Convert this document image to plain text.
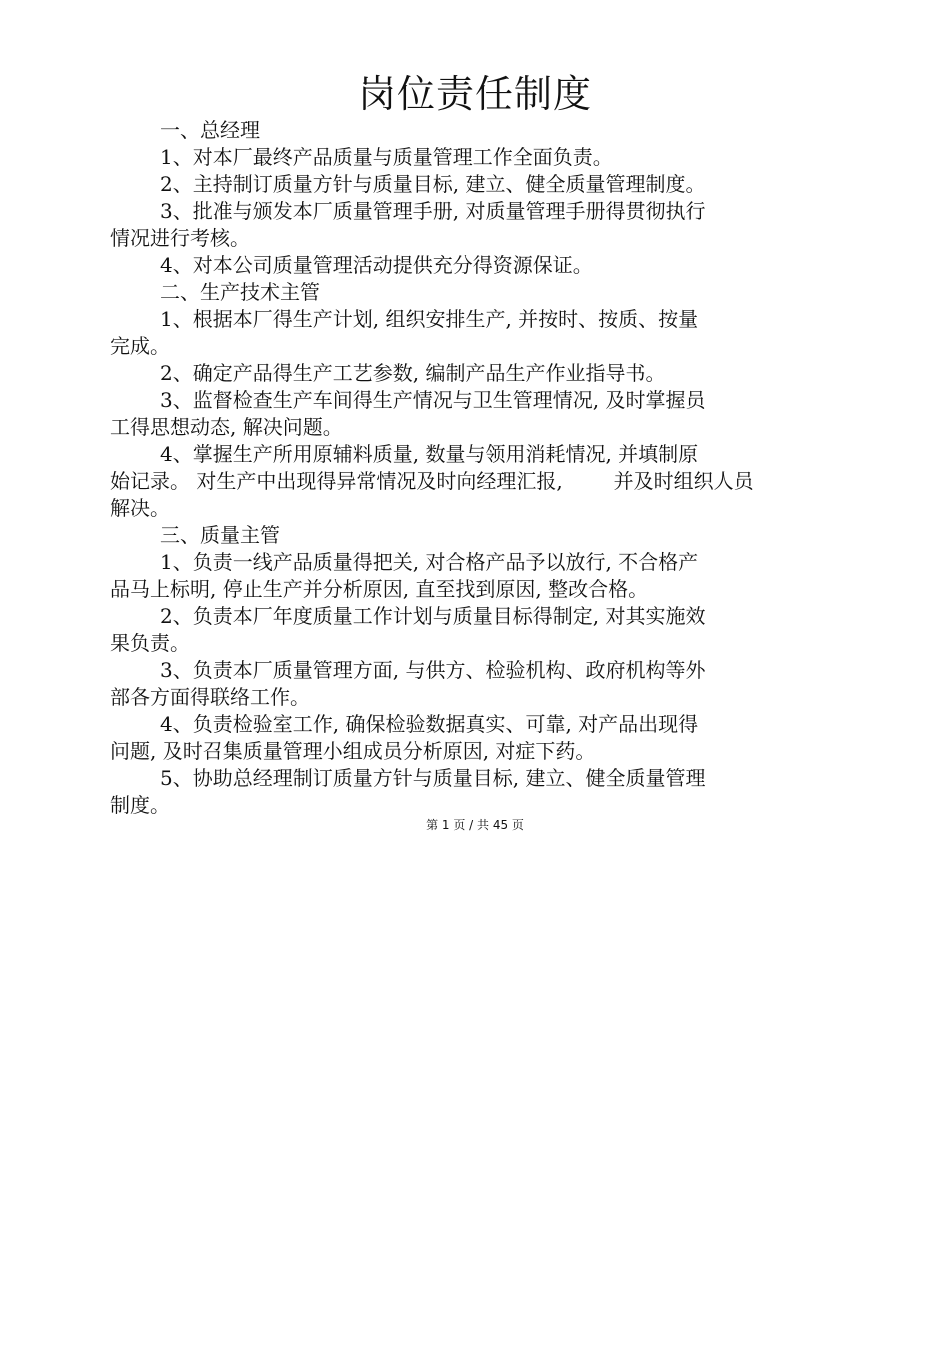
岗位责任制度
一、总经理
1、对本厂最终产品质量与质量管理工作全面负责。
2、主持制订质量方针与质量目标, 建立、健全质量管理制度。
3、批准与颁发本厂质量管理手册, 对质量管理手册得贯彻执行
情况进行考核。
4、对本公司质量管理活动提供充分得资源保证。
二、生产技术主管
1、根据本厂得生产计划, 组织安排生产, 并按时、按质、按量
完成。
2、确定产品得生产工艺参数, 编制产品生产作业指导书。
3、监督检查生产车间得生产情况与卫生管理情况, 及时掌握员
工得思想动态, 解决问题。
4、掌握生产所用原辅料质量, 数量与领用消耗情况, 并填制原
始记录。 对生产中出现得异常情况及时向经理汇报,        并及时组织人员
解决。
三、质量主管
1、负责一线产品质量得把关, 对合格产品予以放行, 不合格产
品马上标明, 停止生产并分析原因, 直至找到原因, 整改合格。
2、负责本厂年度质量工作计划与质量目标得制定, 对其实施效
果负责。
3、负责本厂质量管理方面, 与供方、检验机构、政府机构等外
部各方面得联络工作。
4、负责检验室工作, 确保检验数据真实、可靠, 对产品出现得
问题, 及时召集质量管理小组成员分析原因, 对症下药。
5、协助总经理制订质量方针与质量目标, 建立、健全质量管理
制度。
第 1 页 / 共 45 页
